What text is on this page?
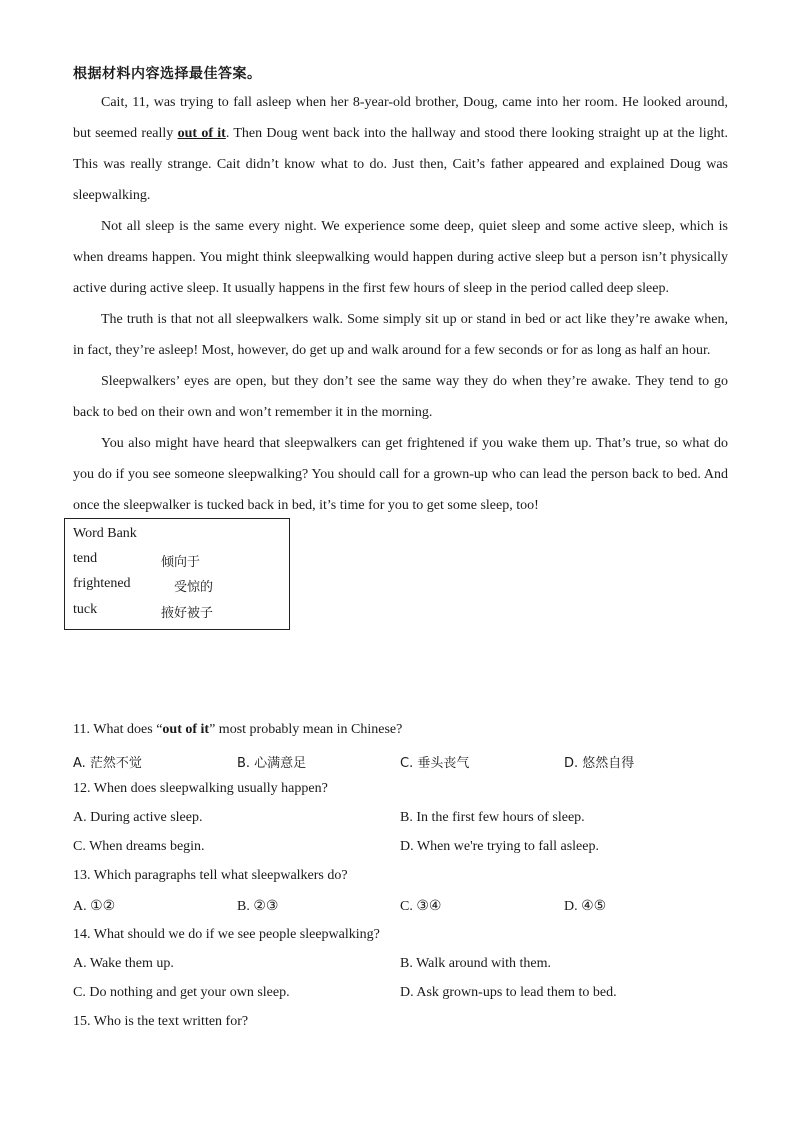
根据材料内容选择最佳答案。

Cait, 11, was trying to fall asleep when her 8-year-old brother, Doug, came into her room. He looked around, but seemed really out of it. Then Doug went back into the hallway and stood there looking straight up at the light. This was really strange. Cait didn’t know what to do. Just then, Cait’s father appeared and explained Doug was sleepwalking.

Not all sleep is the same every night. We experience some deep, quiet sleep and some active sleep, which is when dreams happen. You might think sleepwalking would happen during active sleep but a person isn’t physically active during active sleep. It usually happens in the first few hours of sleep in the period called deep sleep.

The truth is that not all sleepwalkers walk. Some simply sit up or stand in bed or act like they’re awake when, in fact, they’re asleep! Most, however, do get up and walk around for a few seconds or for as long as half an hour.

Sleepwalkers’ eyes are open, but they don’t see the same way they do when they’re awake. They tend to go back to bed on their own and won’t remember it in the morning.

You also might have heard that sleepwalkers can get frightened if you wake them up. That’s true, so what do you do if you see someone sleepwalking? You should call for a grown-up who can lead the person back to bed. And once the sleepwalker is tucked back in bed, it’s time for you to get some sleep, too!

Word Bank
tend	倾向于
frightened	受惊的
tuck	掖好被子
11. What does “out of it” most probably mean in Chinese?
A. 茫然不觉	B. 心满意足	C. 垂头丧气	D. 悠然自得
12. When does sleepwalking usually happen?
A. During active sleep.	B. In the first few hours of sleep.
C. When dreams begin.	D. When we're trying to fall asleep.
13. Which paragraphs tell what sleepwalkers do?
A. ①②	B. ②③	C. ③④	D. ④⑤
14. What should we do if we see people sleepwalking?
A. Wake them up.	B. Walk around with them.
C. Do nothing and get your own sleep.	D. Ask grown-ups to lead them to bed.
15. Who is the text written for?
